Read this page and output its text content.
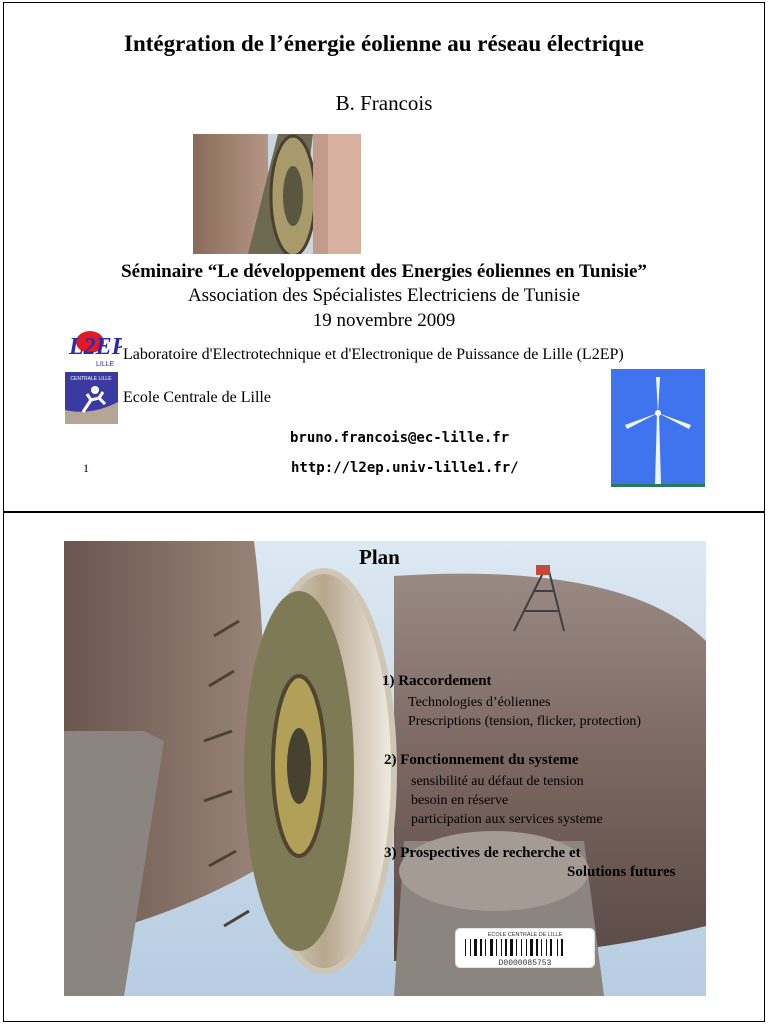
Intégration de l’énergie éolienne au réseau électrique
B. Francois
Séminaire “Le développement des Energies éoliennes en Tunisie”
Association des Spécialistes Electriciens de Tunisie
19 novembre 2009
L2EP
LILLE
Laboratoire d'Electrotechnique et d'Electronique de Puissance de Lille (L2EP)
CENTRALE LILLE
Ecole Centrale de Lille
bruno.francois@ec-lille.fr
1	http://l2ep.univ-lille1.fr/
Plan
1) Raccordement
Technologies d’éoliennes
Prescriptions (tension, flicker, protection)
2) Fonctionnement du systeme
sensibilité au défaut de tension
besoin en réserve
participation aux services systeme
3) Prospectives de recherche et
Solutions futures
ECOLE CENTRALE DE LILLE
D0000085753
